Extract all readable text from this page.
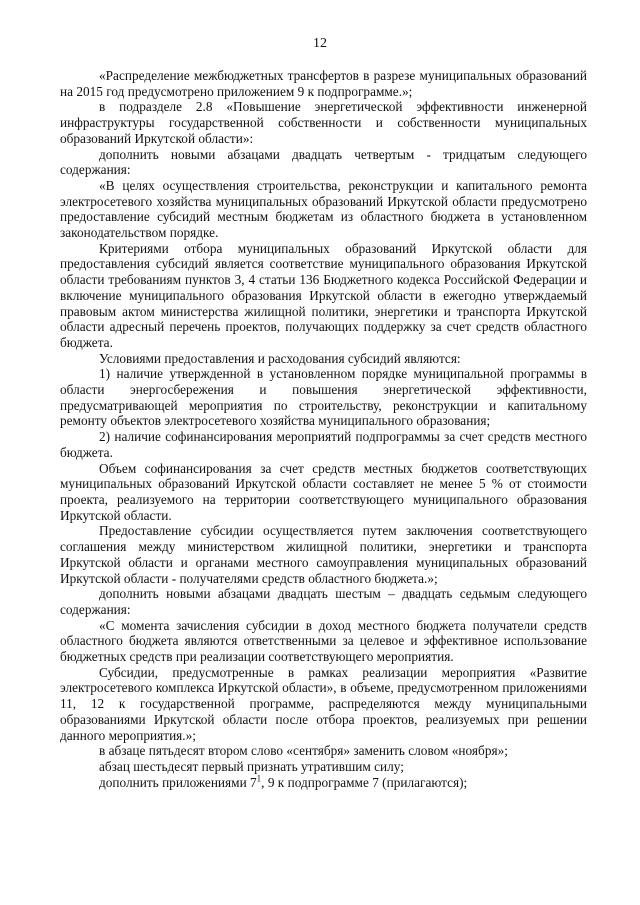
12

«Распределение межбюджетных трансфертов в разрезе муниципальных образований на 2015 год предусмотрено приложением 9 к подпрограмме.»;

в подразделе 2.8 «Повышение энергетической эффективности инженерной инфраструктуры государственной собственности и собственности муниципальных образований Иркутской области»:

дополнить новыми абзацами двадцать четвертым - тридцатым следующего содержания:

«В целях осуществления строительства, реконструкции и капитального ремонта электросетевого хозяйства муниципальных образований Иркутской области предусмотрено предоставление субсидий местным бюджетам из областного бюджета в установленном законодательством порядке.

Критериями отбора муниципальных образований Иркутской области для предоставления субсидий является соответствие муниципального образования Иркутской области требованиям пунктов 3, 4 статьи 136 Бюджетного кодекса Российской Федерации и включение муниципального образования Иркутской области в ежегодно утверждаемый правовым актом министерства жилищной политики, энергетики и транспорта Иркутской области адресный перечень проектов, получающих поддержку за счет средств областного бюджета.

Условиями предоставления и расходования субсидий являются:

1) наличие утвержденной в установленном порядке муниципальной программы в области энергосбережения и повышения энергетической эффективности, предусматривающей мероприятия по строительству, реконструкции и капитальному ремонту объектов электросетевого хозяйства муниципального образования;

2) наличие софинансирования мероприятий подпрограммы за счет средств местного бюджета.

Объем софинансирования за счет средств местных бюджетов соответствующих муниципальных образований Иркутской области составляет не менее 5 % от стоимости проекта, реализуемого на территории соответствующего муниципального образования Иркутской области.

Предоставление субсидии осуществляется путем заключения соответствующего соглашения между министерством жилищной политики, энергетики и транспорта Иркутской области и органами местного самоуправления муниципальных образований Иркутской области - получателями средств областного бюджета.»;

дополнить новыми абзацами двадцать шестым – двадцать седьмым следующего содержания:

«С момента зачисления субсидии в доход местного бюджета получатели средств областного бюджета являются ответственными за целевое и эффективное использование бюджетных средств при реализации соответствующего мероприятия.

Субсидии, предусмотренные в рамках реализации мероприятия «Развитие электросетевого комплекса Иркутской области», в объеме, предусмотренном приложениями 11, 12 к государственной программе, распределяются между муниципальными образованиями Иркутской области после отбора проектов, реализуемых при решении данного мероприятия.»;

в абзаце пятьдесят втором слово «сентября» заменить словом «ноября»;

абзац шестьдесят первый признать утратившим силу;

дополнить приложениями $7^1$, 9 к подпрограмме 7 (прилагаются);
